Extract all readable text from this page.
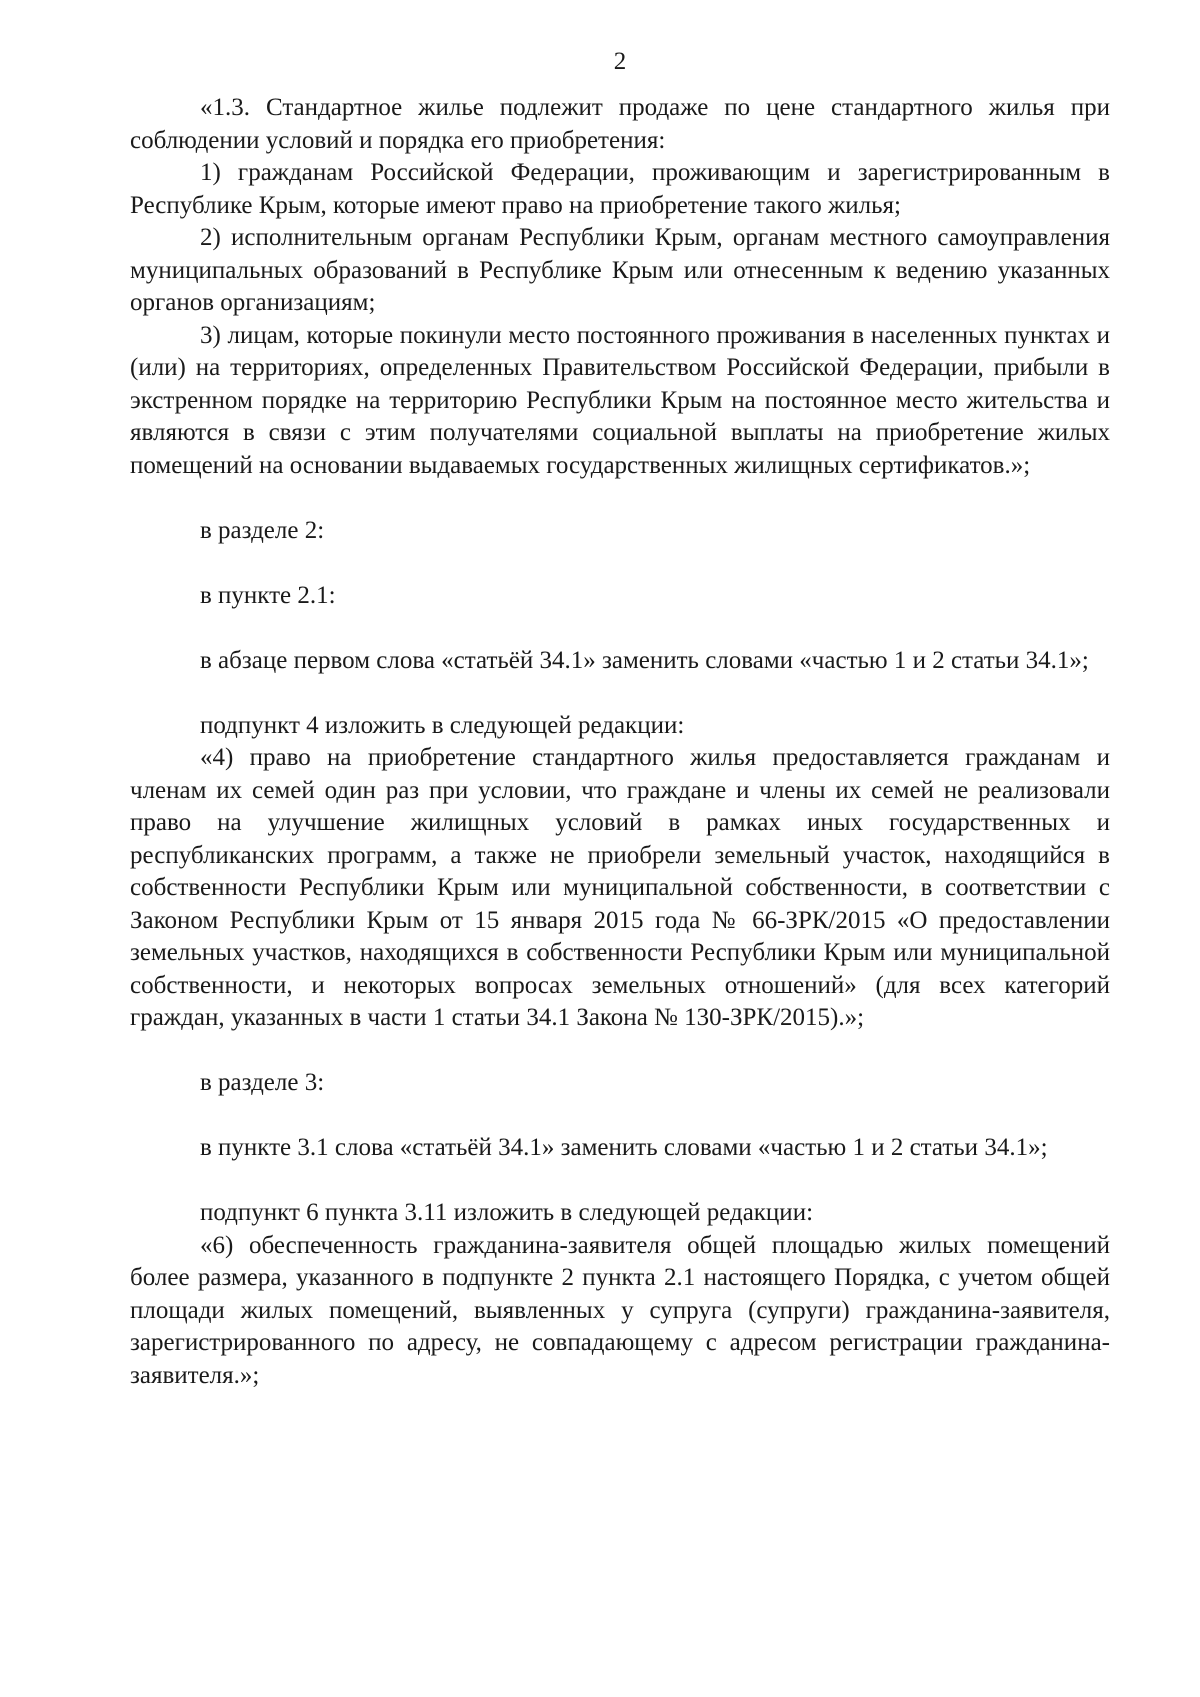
2

«1.3. Стандартное жилье подлежит продаже по цене стандартного жилья при соблюдении условий и порядка его приобретения:

1) гражданам Российской Федерации, проживающим и зарегистрированным в Республике Крым, которые имеют право на приобретение такого жилья;

2) исполнительным органам Республики Крым, органам местного самоуправления муниципальных образований в Республике Крым или отнесенным к ведению указанных органов организациям;

3) лицам, которые покинули место постоянного проживания в населенных пунктах и (или) на территориях, определенных Правительством Российской Федерации, прибыли в экстренном порядке на территорию Республики Крым на постоянное место жительства и являются в связи с этим получателями социальной выплаты на приобретение жилых помещений на основании выдаваемых государственных жилищных сертификатов.»;

в разделе 2:

в пункте 2.1:

в абзаце первом слова «статьёй 34.1» заменить словами «частью 1 и 2 статьи 34.1»;

подпункт 4 изложить в следующей редакции:

«4) право на приобретение стандартного жилья предоставляется гражданам и членам их семей один раз при условии, что граждане и члены их семей не реализовали право на улучшение жилищных условий в рамках иных государственных и республиканских программ, а также не приобрели земельный участок, находящийся в собственности Республики Крым или муниципальной собственности, в соответствии с Законом Республики Крым от 15 января 2015 года № 66-ЗРК/2015 «О предоставлении земельных участков, находящихся в собственности Республики Крым или муниципальной собственности, и некоторых вопросах земельных отношений» (для всех категорий граждан, указанных в части 1 статьи 34.1 Закона № 130-ЗРК/2015).»;

в разделе 3:

в пункте 3.1 слова «статьёй 34.1» заменить словами «частью 1 и 2 статьи 34.1»;

подпункт 6 пункта 3.11 изложить в следующей редакции:

«6) обеспеченность гражданина-заявителя общей площадью жилых помещений более размера, указанного в подпункте 2 пункта 2.1 настоящего Порядка, с учетом общей площади жилых помещений, выявленных у супруга (супруги) гражданина-заявителя, зарегистрированного по адресу, не совпадающему с адресом регистрации гражданина-заявителя.»;
